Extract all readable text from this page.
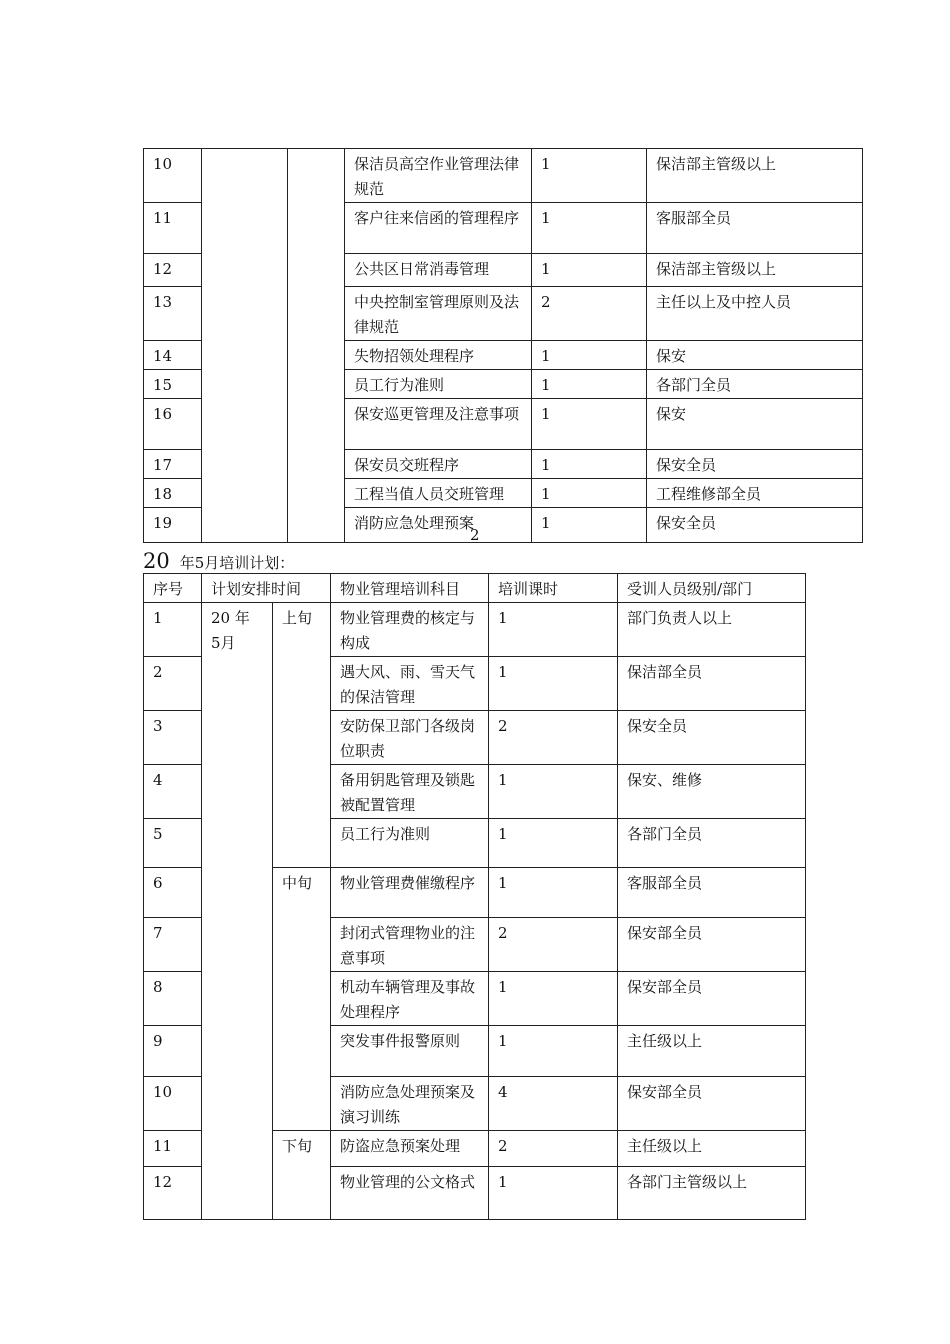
10			保洁员高空作业管理法律规范	1	保洁部主管级以上
11			客户往来信函的管理程序	1	客服部全员
12			公共区日常消毒管理	1	保洁部主管级以上
13			中央控制室管理原则及法律规范	2	主任以上及中控人员
14			失物招领处理程序	1	保安
15			员工行为准则	1	各部门全员
16			保安巡更管理及注意事项	1	保安
17			保安员交班程序	1	保安全员
18			工程当值人员交班管理	1	工程维修部全员
19			消防应急处理预案	1	保安全员
2
20 年5月培训计划：
序号	计划安排时间		物业管理培训科目	培训课时	受训人员级别/部门
1	20 年 5月	上旬	物业管理费的核定与构成	1	部门负责人以上
2			遇大风、雨、雪天气的保洁管理	1	保洁部全员
3			安防保卫部门各级岗位职责	2	保安全员
4			备用钥匙管理及锁匙被配置管理	1	保安、维修
5			员工行为准则	1	各部门全员
6		中旬	物业管理费催缴程序	1	客服部全员
7			封闭式管理物业的注意事项	2	保安部全员
8			机动车辆管理及事故处理程序	1	保安部全员
9			突发事件报警原则	1	主任级以上
10			消防应急处理预案及演习训练	4	保安部全员
11		下旬	防盗应急预案处理	2	主任级以上
12			物业管理的公文格式	1	各部门主管级以上
